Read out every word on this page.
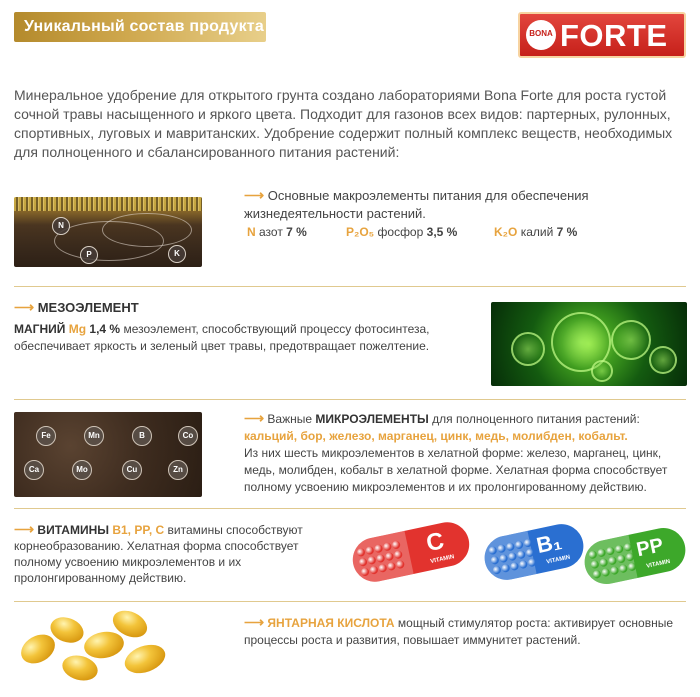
Уникальный состав продукта	BONA FORTE

Минеральное удобрение для открытого грунта создано лабораториями Bona Forte для роста густой сочной травы насыщенного и яркого цвета. Подходит для газонов всех видов: партерных, рулонных, спортивных, луговых и мавританских. Удобрение содержит полный комплекс веществ, необходимых для полноценного и сбалансированного питания растений:

N
P	K
⟶ Основные макроэлементы питания для обеспечения жизнедеятельности растений.
N азот 7 %	P₂O₅ фосфор 3,5 %	K₂O калий 7 %
⟶ МЕЗОЭЛЕМЕНТ
МАГНИЙ Mg 1,4 % мезоэлемент, способствующий процессу фотосинтеза, обеспечивает яркость и зеленый цвет травы, предотвращает пожелтение.
Fe	Mn	B	Co
Ca	Mo	Cu	Zn
⟶ Важные МИКРОЭЛЕМЕНТЫ для полноценного питания растений:
кальций, бор, железо, марганец, цинк, медь, молибден, кобальт.
Из них шесть микроэлементов в хелатной форме: железо, марганец, цинк, медь, молибден, кобальт в хелатной форме. Хелатная форма способствует полному усвоению микроэлементов и их пролонгированному действию.
⟶ ВИТАМИНЫ B1, PP, C витамины способствуют корнеобразованию. Хелатная форма способствует полному усвоению микроэлементов и их пролонгированному действию.
C
VITAMIN
B₁
VITAMIN	PP
VITAMIN
⟶ ЯНТАРНАЯ КИСЛОТА мощный стимулятор роста: активирует основные процессы роста и развития, повышает иммунитет растений.
